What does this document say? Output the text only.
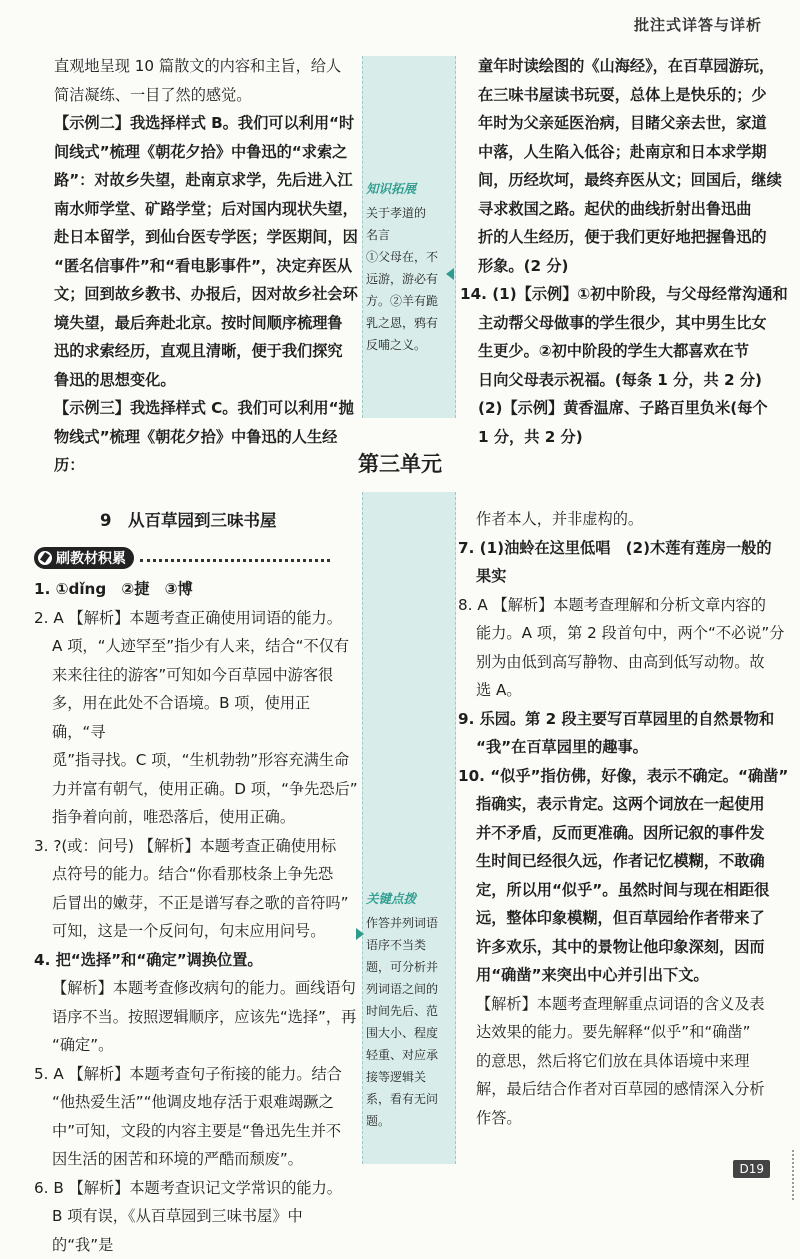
批注式详答与详析

直观地呈现 10 篇散文的内容和主旨，给人

简洁凝练、一目了然的感觉。

【示例二】我选择样式 B。我们可以利用“时

间线式”梳理《朝花夕拾》中鲁迅的“求索之

路”：对故乡失望，赴南京求学，先后进入江

南水师学堂、矿路学堂；后对国内现状失望，

赴日本留学，到仙台医专学医；学医期间，因

“匿名信事件”和“看电影事件”，决定弃医从

文；回到故乡教书、办报后，因对故乡社会环

境失望，最后奔赴北京。按时间顺序梳理鲁

迅的求索经历，直观且清晰，便于我们探究

鲁迅的思想变化。

【示例三】我选择样式 C。我们可以利用“抛

物线式”梳理《朝花夕拾》中鲁迅的人生经历：

知识拓展
关于孝道的
名言
①父母在，不
远游，游必有
方。②羊有跪
乳之恩，鸦有
反哺之义。

童年时读绘图的《山海经》，在百草园游玩，

在三味书屋读书玩耍，总体上是快乐的；少

年时为父亲延医治病，目睹父亲去世，家道

中落，人生陷入低谷；赴南京和日本求学期

间，历经坎坷，最终弃医从文；回国后，继续

寻求救国之路。起伏的曲线折射出鲁迅曲

折的人生经历，便于我们更好地把握鲁迅的

形象。(2 分)

14. (1)【示例】①初中阶段，与父母经常沟通和

主动帮父母做事的学生很少，其中男生比女

生更少。②初中阶段的学生大都喜欢在节

日向父母表示祝福。(每条 1 分，共 2 分)

(2)【示例】黄香温席、子路百里负米(每个

1 分，共 2 分)

第三单元
9　从百草园到三味书屋
刷教材积累

1. ①dǐng　②捷　③博

2. A 【解析】本题考查正确使用词语的能力。

A 项，“人迹罕至”指少有人来，结合“不仅有

来来往往的游客”可知如今百草园中游客很

多，用在此处不合语境。B 项，使用正确，“寻

觅”指寻找。C 项，“生机勃勃”形容充满生命

力并富有朝气，使用正确。D 项，“争先恐后”

指争着向前，唯恐落后，使用正确。

3. ?(或：问号) 【解析】本题考查正确使用标

点符号的能力。结合“你看那枝条上争先恐

后冒出的嫩芽，不正是谱写春之歌的音符吗”

可知，这是一个反问句，句末应用问号。

4. 把“选择”和“确定”调换位置。

【解析】本题考查修改病句的能力。画线语句

语序不当。按照逻辑顺序，应该先“选择”，再

“确定”。

5. A 【解析】本题考查句子衔接的能力。结合

“他热爱生活”“他调皮地存活于艰难竭蹶之

中”可知，文段的内容主要是“鲁迅先生并不

因生活的困苦和环境的严酷而颓废”。

6. B 【解析】本题考查识记文学常识的能力。

B 项有误，《从百草园到三味书屋》中的“我”是

关键点拨
作答并列词语
语序不当类
题，可分析并
列词语之间的
时间先后、范
围大小、程度
轻重、对应承
接等逻辑关
系，看有无问
题。

作者本人，并非虚构的。

7. (1)油蛉在这里低唱　(2)木莲有莲房一般的

果实

8. A 【解析】本题考查理解和分析文章内容的

能力。A 项，第 2 段首句中，两个“不必说”分

别为由低到高写静物、由高到低写动物。故

选 A。

9. 乐园。第 2 段主要写百草园里的自然景物和

“我”在百草园里的趣事。

10. “似乎”指仿佛，好像，表示不确定。“确凿”

指确实，表示肯定。这两个词放在一起使用

并不矛盾，反而更准确。因所记叙的事件发

生时间已经很久远，作者记忆模糊，不敢确

定，所以用“似乎”。虽然时间与现在相距很

远，整体印象模糊，但百草园给作者带来了

许多欢乐，其中的景物让他印象深刻，因而

用“确凿”来突出中心并引出下文。

【解析】本题考查理解重点词语的含义及表

达效果的能力。要先解释“似乎”和“确凿”

的意思，然后将它们放在具体语境中来理

解，最后结合作者对百草园的感情深入分析

作答。

D19
